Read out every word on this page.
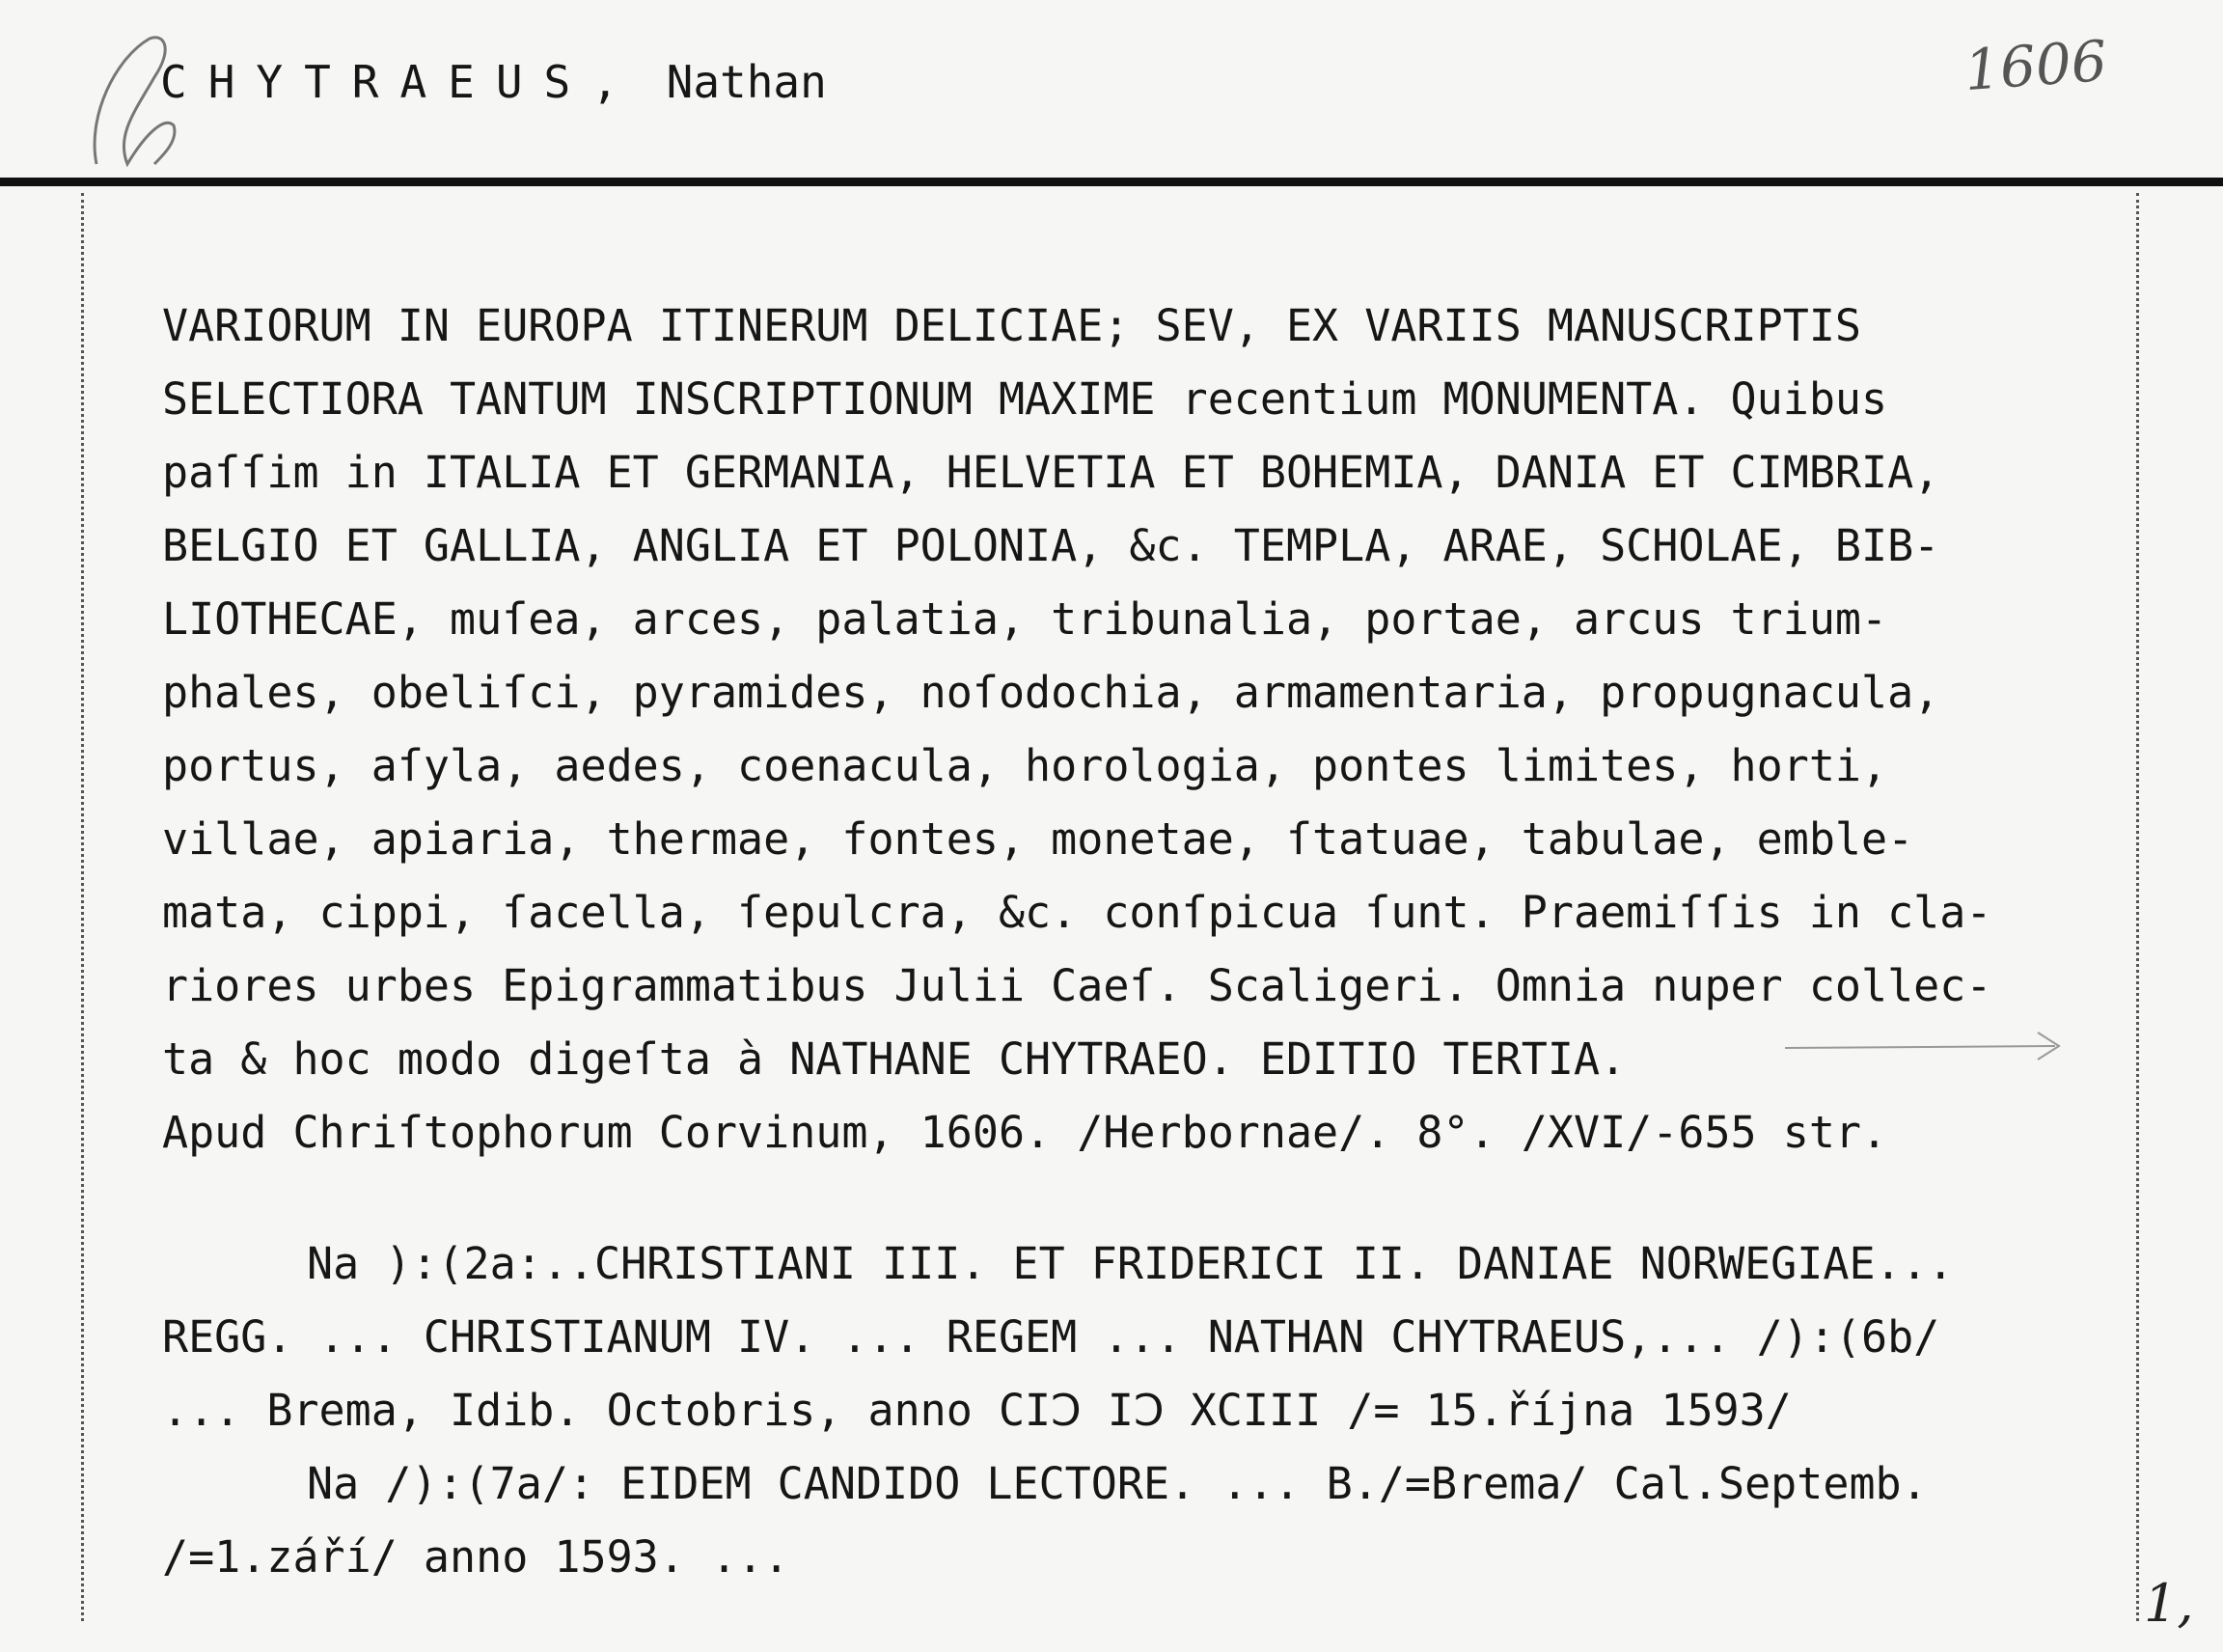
CHYTRAEUS, Nathan	1606
VARIORUM IN EUROPA ITINERUM DELICIAE; SEV, EX VARIIS MANUSCRIPTIS
SELECTIORA TANTUM INSCRIPTIONUM MAXIME recentium MONUMENTA. Quibus
paſſim in ITALIA ET GERMANIA, HELVETIA ET BOHEMIA, DANIA ET CIMBRIA,
BELGIO ET GALLIA, ANGLIA ET POLONIA, &c. TEMPLA, ARAE, SCHOLAE, BIB-
LIOTHECAE, muſea, arces, palatia, tribunalia, portae, arcus trium-
phales, obeliſci, pyramides, noſodochia, armamentaria, propugnacula,
portus, aſyla, aedes, coenacula, horologia, pontes limites, horti,
villae, apiaria, thermae, fontes, monetae, ſtatuae, tabulae, emble-
mata, cippi, ſacella, ſepulcra, &c. conſpicua ſunt. Praemiſſis in cla-
riores urbes Epigrammatibus Julii Caeſ. Scaligeri. Omnia nuper collec-
ta & hoc modo digeſta à NATHANE CHYTRAEO. EDITIO TERTIA.
Apud Chriſtophorum Corvinum, 1606. /Herbornae/. 8°. /XVI/-655 str.
Na ):(2a:..CHRISTIANI III. ET FRIDERICI II. DANIAE NORWEGIAE...
REGG. ... CHRISTIANUM IV. ... REGEM ... NATHAN CHYTRAEUS,... /):(6b/
... Brema, Idib. Octobris, anno CIↃ IↃ XCIII /= 15.října 1593/
Na /):(7a/: EIDEM CANDIDO LECTORE. ... B./=Brema/ Cal.Septemb.
/=1.září/ anno 1593. ...
1,
